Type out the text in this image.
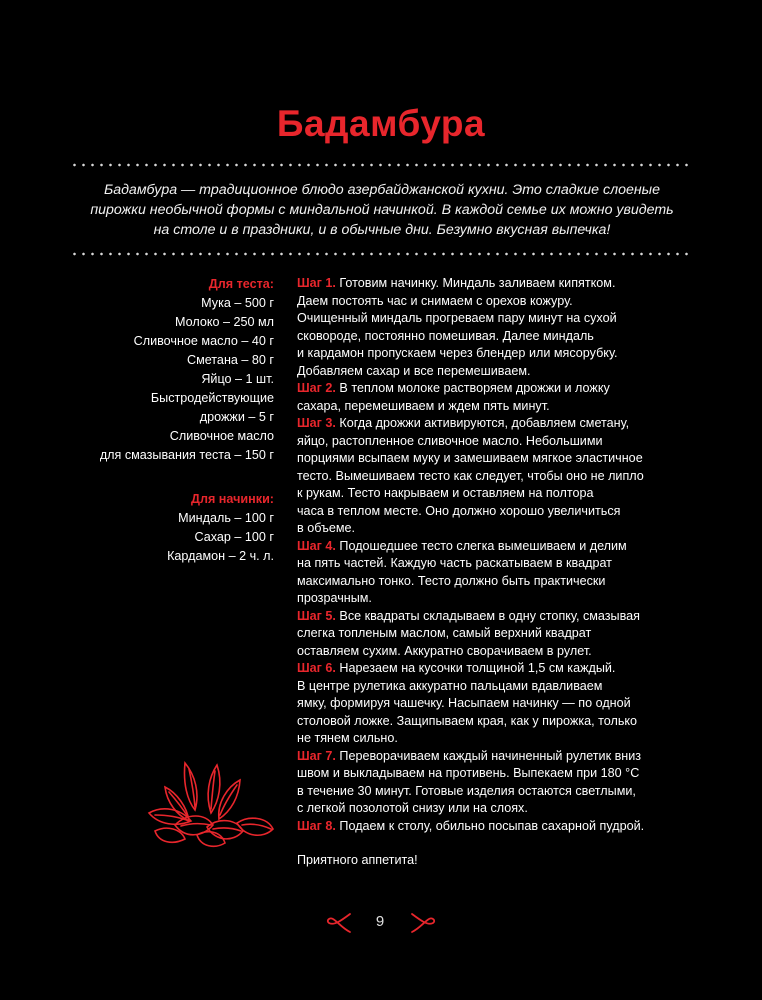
Бадамбура
Бадамбура — традиционное блюдо азербайджанской кухни. Это сладкие слоеные
пирожки необычной формы с миндальной начинкой. В каждой семье их можно увидеть
на столе и в праздники, и в обычные дни. Безумно вкусная выпечка!
Для теста:
Мука – 500 г
Молоко – 250 мл
Сливочное масло – 40 г
Сметана – 80 г
Яйцо – 1 шт.
Быстродействующие
дрожжи – 5 г
Сливочное масло
для смазывания теста – 150 г
Для начинки:
Миндаль – 100 г
Сахар – 100 г
Кардамон – 2 ч. л.
Шаг 1. Готовим начинку. Миндаль заливаем кипятком.
Даем постоять час и снимаем с орехов кожуру.
Очищенный миндаль прогреваем пару минут на сухой
сковороде, постоянно помешивая. Далее миндаль
и кардамон пропускаем через блендер или мясорубку.
Добавляем сахар и все перемешиваем.
Шаг 2. В теплом молоке растворяем дрожжи и ложку
сахара, перемешиваем и ждем пять минут.
Шаг 3. Когда дрожжи активируются, добавляем сметану,
яйцо, растопленное сливочное масло. Небольшими
порциями всыпаем муку и замешиваем мягкое эластичное
тесто. Вымешиваем тесто как следует, чтобы оно не липло
к рукам. Тесто накрываем и оставляем на полтора
часа в теплом месте. Оно должно хорошо увеличиться
в объеме.
Шаг 4. Подошедшее тесто слегка вымешиваем и делим
на пять частей. Каждую часть раскатываем в квадрат
максимально тонко. Тесто должно быть практически
прозрачным.
Шаг 5. Все квадраты складываем в одну стопку, смазывая
слегка топленым маслом, самый верхний квадрат
оставляем сухим. Аккуратно сворачиваем в рулет.
Шаг 6. Нарезаем на кусочки толщиной 1,5 см каждый.
В центре рулетика аккуратно пальцами вдавливаем
ямку, формируя чашечку. Насыпаем начинку — по одной
столовой ложке. Защипываем края, как у пирожка, только
не тянем сильно.
Шаг 7. Переворачиваем каждый начиненный рулетик вниз
швом и выкладываем на противень. Выпекаем при 180 °С
в течение 30 минут. Готовые изделия остаются светлыми,
с легкой позолотой снизу или на слоях.
Шаг 8. Подаем к столу, обильно посыпав сахарной пудрой.
Приятного аппетита!
9
